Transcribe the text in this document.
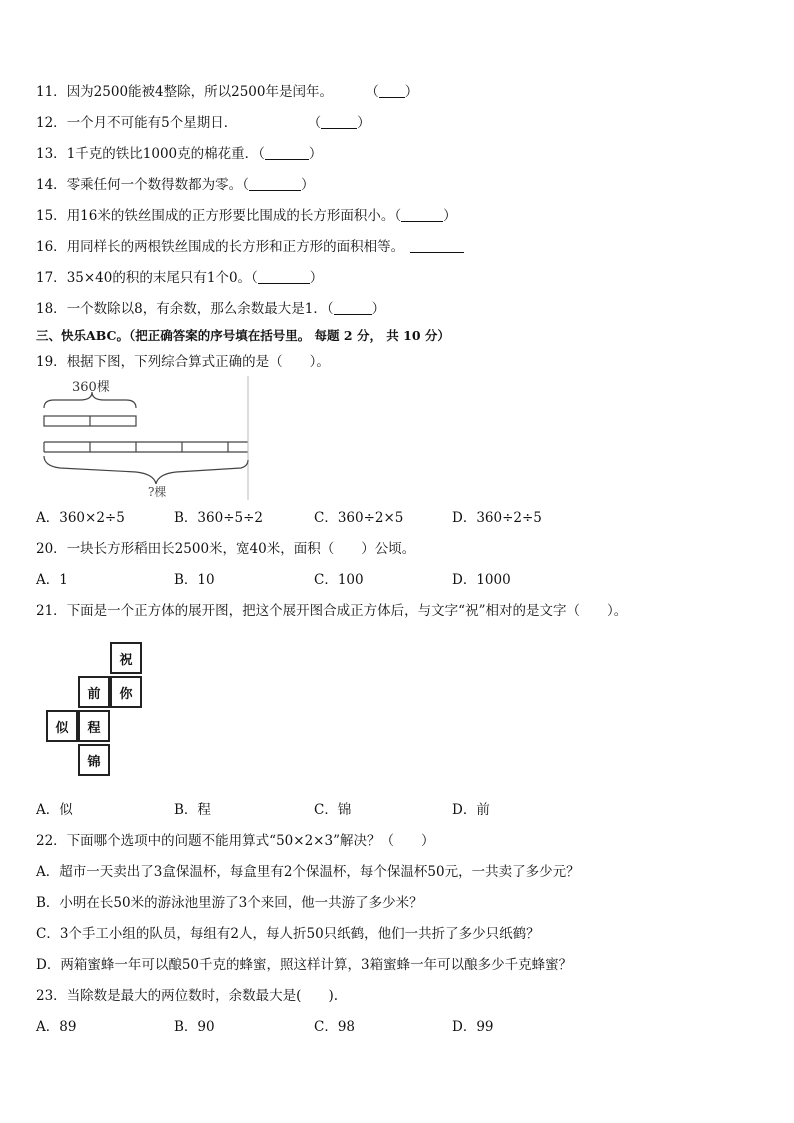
11．因为2500能被4整除，所以2500年是闰年。 （ ）
12．一个月不可能有5个星期日．	（	）
13．1千克的铁比1000克的棉花重．（	）
14．零乘任何一个数得数都为零。（	）
15．用16米的铁丝围成的正方形要比围成的长方形面积小。（	）
16．用同样长的两根铁丝围成的长方形和正方形的面积相等。
17．35×40的积的末尾只有1个0。（	）
18．一个数除以8，有余数，那么余数最大是1．（	）
三、快乐ABC。（把正确答案的序号填在括号里。 每题 2 分， 共 10 分）
19．根据下图，下列综合算式正确的是（　　）。
360棵
?棵
A．360×2÷5	B．360÷5÷2	C．360÷2×5	D．360÷2÷5
20．一块长方形稻田长2500米，宽40米，面积（　　）公顷。
A．1	B．10	C．100	D．1000
21．下面是一个正方体的展开图，把这个展开图合成正方体后，与文字“祝”相对的是文字（　　）。
祝
你
前
似	程
锦
A．似	B．程	C．锦	D．前
22．下面哪个选项中的问题不能用算式“50×2×3”解决？（　　）
A．超市一天卖出了3盒保温杯，每盒里有2个保温杯，每个保温杯50元，一共卖了多少元？
B．小明在长50米的游泳池里游了3个来回，他一共游了多少米？
C．3个手工小组的队员，每组有2人，每人折50只纸鹤，他们一共折了多少只纸鹤？
D．两箱蜜蜂一年可以酿50千克的蜂蜜，照这样计算，3箱蜜蜂一年可以酿多少千克蜂蜜？
23．当除数是最大的两位数时，余数最大是(　　).
A．89	B．90	C．98	D．99
